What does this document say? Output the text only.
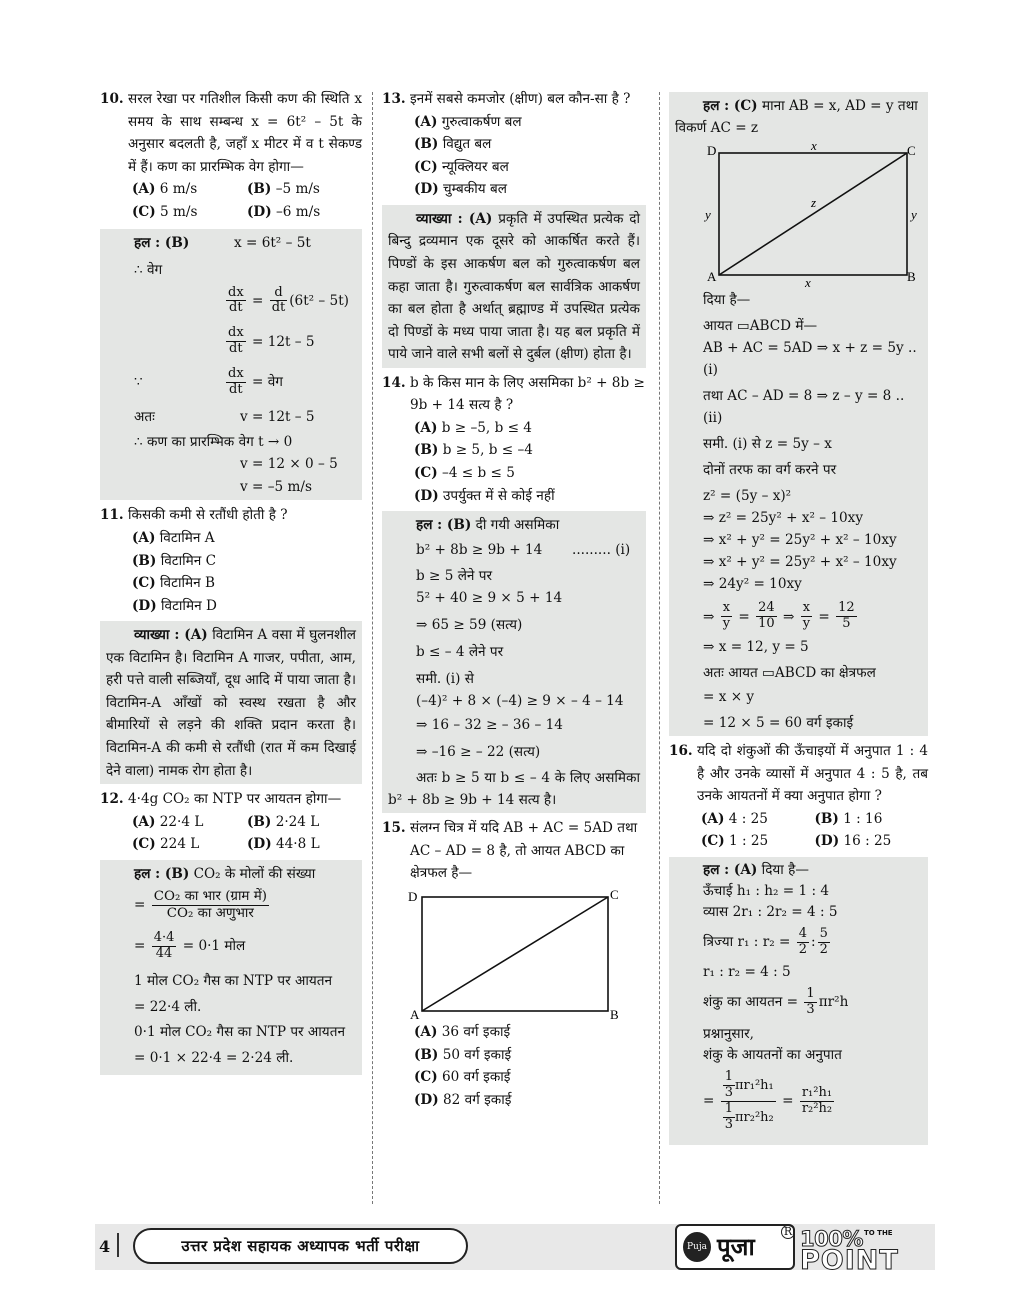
10. सरल रेखा पर गतिशील किसी कण की स्थिति x समय के साथ सम्बन्ध x = 6t² – 5t के अनुसार बदलती है, जहाँ x मीटर में व t सेकण्ड में हैं। कण का प्रारम्भिक वेग होगा—
(A) 6 m/s	(B) –5 m/s
(C) 5 m/s	(D) –6 m/s
हल : (B)	x = 6t² – 5t
∴ वेग
$\frac{dx}{dt} = \frac{d}{dt} (6t^2 - 5t)$
$\frac{dx}{dt}$
= 12t – 5
∵	$\frac{dx}{dt}$
= वेग
अतः	v = 12t – 5
∴ कण का प्रारम्भिक वेग t → 0
v = 12 × 0 – 5
v = –5 m/s
11. किसकी कमी से रतौंधी होती है ?
(A) विटामिन A
(B) विटामिन C
(C) विटामिन B
(D) विटामिन D
व्याख्या : (A) विटामिन A वसा में घुलनशील एक विटामिन है। विटामिन A गाजर, पपीता, आम, हरी पत्ते वाली सब्जियाँ, दूध आदि में पाया जाता है। विटामिन-A आँखों को स्वस्थ रखता है और बीमारियों से लड़ने की शक्ति प्रदान करता है। विटामिन-A की कमी से रतौंधी (रात में कम दिखाई देने वाला) नामक रोग होता है।
12. 4·4g CO₂ का NTP पर आयतन होगा—
(A) 22·4 L	(B) 2·24 L
(C) 224 L	(D) 44·8 L
हल : (B) CO₂ के मोलों की संख्या
=
$\frac{\text{CO₂ का भार (ग्राम में)}}{\text{CO₂ का अणुभार}}$
=
$\frac{4\cdot 4}{44}$
= 0·1 मोल
1 मोल CO₂ गैस का NTP पर आयतन
= 22·4 ली.
0·1 मोल CO₂ गैस का NTP पर आयतन
= 0·1 × 22·4 = 2·24 ली.
13. इनमें सबसे कमजोर (क्षीण) बल कौन-सा है ?
(A) गुरुत्वाकर्षण बल
(B) विद्युत बल
(C) न्यूक्लियर बल
(D) चुम्बकीय बल
व्याख्या : (A) प्रकृति में उपस्थित प्रत्येक दो बिन्दु द्रव्यमान एक दूसरे को आकर्षित करते हैं। पिण्डों के इस आकर्षण बल को गुरुत्वाकर्षण बल कहा जाता है। गुरुत्वाकर्षण बल सार्वत्रिक आकर्षण का बल होता है अर्थात् ब्रह्माण्ड में उपस्थित प्रत्येक दो पिण्डों के मध्य पाया जाता है। यह बल प्रकृति में पाये जाने वाले सभी बलों से दुर्बल (क्षीण) होता है।
14. b के किस मान के लिए असमिका b² + 8b ≥ 9b + 14 सत्य है ?
(A) b ≥ –5, b ≤ 4
(B) b ≥ 5, b ≤ –4
(C) –4 ≤ b ≤ 5
(D) उपर्युक्त में से कोई नहीं
हल : (B) दी गयी असमिका
b² + 8b ≥ 9b + 14	......... (i)
b ≥ 5 लेने पर
5² + 40 ≥ 9 × 5 + 14
⇒ 65 ≥ 59 (सत्य)
b ≤ – 4 लेने पर
समी. (i) से
(–4)² + 8 × (–4) ≥ 9 × – 4 – 14
⇒ 16 – 32 ≥ – 36 – 14
⇒ –16 ≥ – 22 (सत्य)
अतः b ≥ 5 या b ≤ – 4 के लिए असमिका b² + 8b ≥ 9b + 14 सत्य है।
15. संलग्न चित्र में यदि AB + AC = 5AD तथा AC – AD = 8 है, तो आयत ABCD का क्षेत्रफल है—
D	C
A	B
(A) 36 वर्ग इकाई
(B) 50 वर्ग इकाई
(C) 60 वर्ग इकाई
(D) 82 वर्ग इकाई
हल : (C) माना AB = x, AD = y तथा विकर्ण AC = z
D	C
A	B
x
x
y	y
z
दिया है—
आयत ▭ABCD में—
AB + AC = 5AD ⇒ x + z = 5y ..(i)
तथा AC – AD = 8 ⇒ z – y = 8 ..(ii)
समी. (i) से z = 5y – x
दोनों तरफ का वर्ग करने पर
z² = (5y – x)²
⇒ z² = 25y² + x² – 10xy
⇒ x² + y² = 25y² + x² – 10xy
⇒ x² + y² = 25y² + x² – 10xy
⇒ 24y² = 10xy
⇒ $\frac{x}{y} = \frac{24}{10}$ ⇒ $\frac{x}{y} = \frac{12}{5}$
⇒ x = 12, y = 5
अतः आयत ▭ABCD का क्षेत्रफल
= x × y
= 12 × 5 = 60 वर्ग इकाई
16. यदि दो शंकुओं की ऊँचाइयों में अनुपात 1 : 4 है और उनके व्यासों में अनुपात 4 : 5 है, तब उनके आयतनों में क्या अनुपात होगा ?
(A) 4 : 25	(B) 1 : 16
(C) 1 : 25	(D) 16 : 25
हल : (A) दिया है—
ऊँचाई h₁ : h₂ = 1 : 4
व्यास 2r₁ : 2r₂ = 4 : 5
त्रिज्या r₁ : r₂ =
$\frac{4}{2}$ : $\frac{5}{2}$
r₁ : r₂ = 4 : 5
शंकु का आयतन =
$\frac{1}{3} \pi r^2h$
प्रश्नानुसार,
शंकु के आयतनों का अनुपात
= $\frac{\frac{1}{3} \pi r_1^2h_1}{\frac{1}{3} \pi r_2^2h_2} = \frac{\text{r₁²h₁}}{\text{r₂²h₂}}$
4	उत्तर प्रदेश सहायक अध्यापक भर्ती परीक्षा	Puja पूजा
R 100% TO THE
POINT
